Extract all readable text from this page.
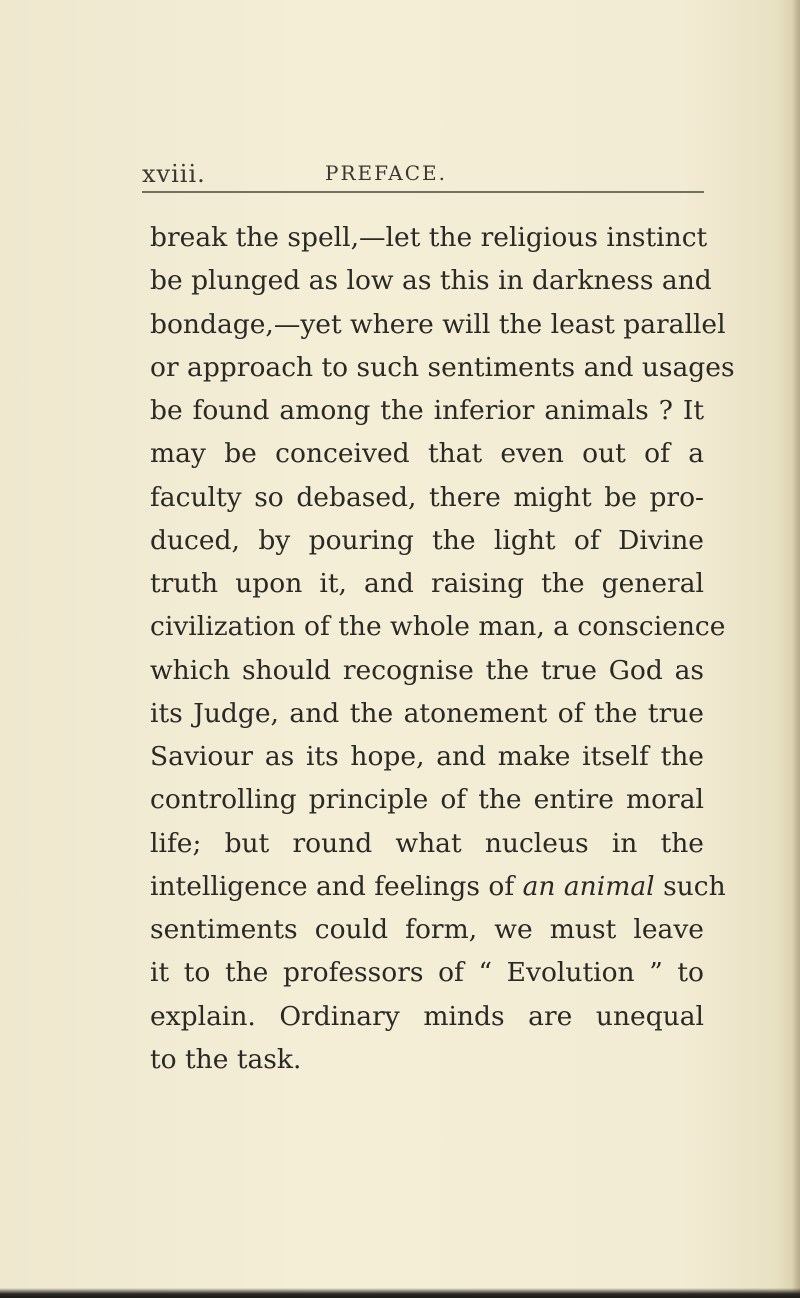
xviii.	PREFACE.
break the spell,—let the religious instinct
be plunged as low as this in darkness and
bondage,—yet where will the least parallel
or approach to such sentiments and usages
be found among the inferior animals ? It
may be conceived that even out of a
faculty so debased, there might be pro-
duced, by pouring the light of Divine
truth upon it, and raising the general
civilization of the whole man, a conscience
which should recognise the true God as
its Judge, and the atonement of the true
Saviour as its hope, and make itself the
controlling principle of the entire moral
life; but round what nucleus in the
intelligence and feelings of an animal such
sentiments could form, we must leave
it to the professors of “ Evolution ” to
explain. Ordinary minds are unequal
to the task.
